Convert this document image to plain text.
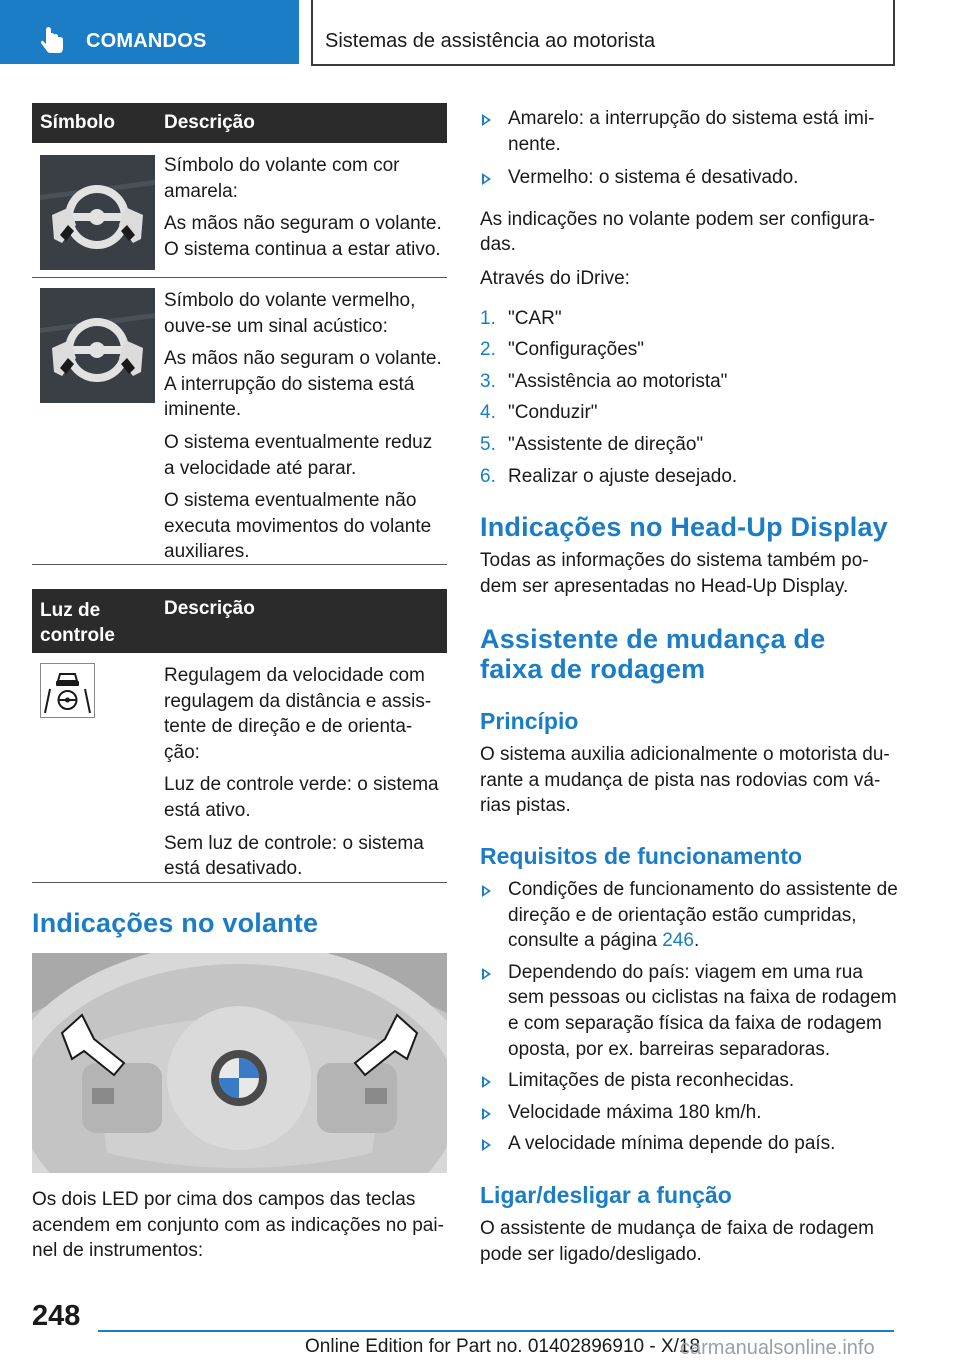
COMANDOS	Sistemas de assistência ao motorista
Símbolo	Descrição

Símbolo do volante com cor amarela:

As mãos não seguram o volante. O sistema continua a estar ativo.

Símbolo do volante vermelho, ouve-se um sinal acústico:

As mãos não seguram o volante. A interrupção do sistema está iminente.

O sistema eventualmente reduz a velocidade até parar.

O sistema eventualmente não executa movimentos do volante auxiliares.

Luz de controle
Descrição

Regulagem da velocidade com regulagem da distância e assis-tente de direção e de orienta-ção:

Luz de controle verde: o sistema está ativo.

Sem luz de controle: o sistema está desativado.

Indicações no volante
Os dois LED por cima dos campos das teclas acendem em conjunto com as indicações no pai-nel de instrumentos:
Amarelo: a interrupção do sistema está imi-nente.
Vermelho: o sistema é desativado.
As indicações no volante podem ser configura-das.
Através do iDrive:
1. "CAR"
2. "Configurações"
3. "Assistência ao motorista"
4. "Conduzir"
5. "Assistente de direção"
6. Realizar o ajuste desejado.
Indicações no Head-Up Display
Todas as informações do sistema também po-dem ser apresentadas no Head-Up Display.
Assistente de mudança de faixa de rodagem
Princípio
O sistema auxilia adicionalmente o motorista du-rante a mudança de pista nas rodovias com vá-rias pistas.
Requisitos de funcionamento
Condições de funcionamento do assistente de direção e de orientação estão cumpridas, consulte a página 246.
Dependendo do país: viagem em uma rua sem pessoas ou ciclistas na faixa de rodagem e com separação física da faixa de rodagem oposta, por ex. barreiras separadoras.
Limitações de pista reconhecidas.
Velocidade máxima 180 km/h.
A velocidade mínima depende do país.
Ligar/desligar a função
O assistente de mudança de faixa de rodagem pode ser ligado/desligado.
248
Online Edition for Part no. 01402896910 - X/18
carmanualsonline.info
